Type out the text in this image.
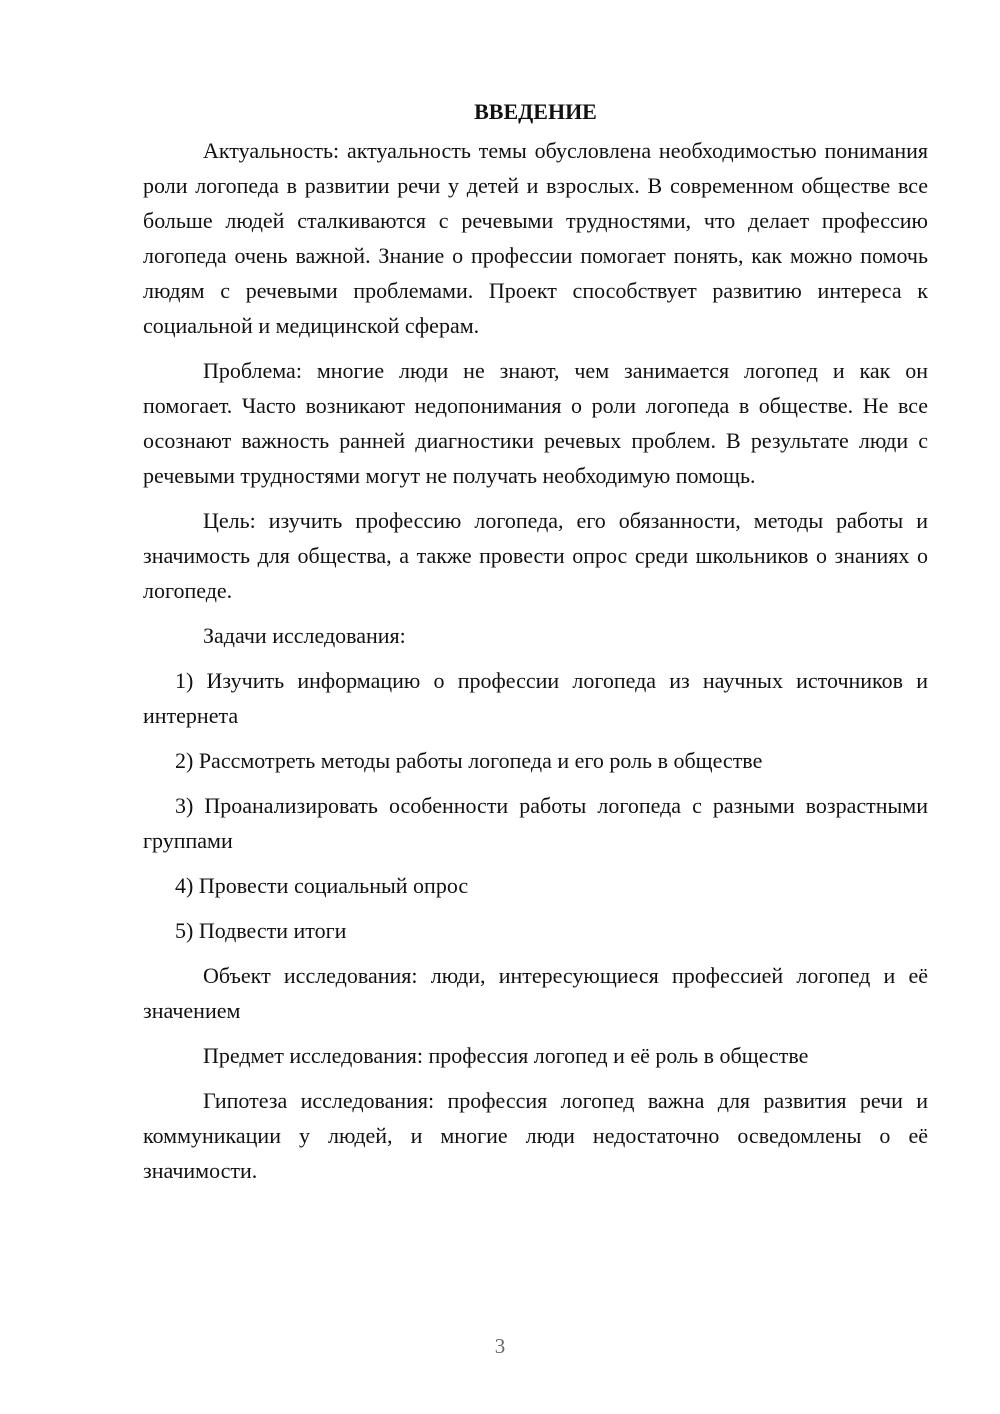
ВВЕДЕНИЕ

Актуальность: актуальность темы обусловлена необходимостью понимания роли логопеда в развитии речи у детей и взрослых. В современном обществе все больше людей сталкиваются с речевыми трудностями, что делает профессию логопеда очень важной. Знание о профессии помогает понять, как можно помочь людям с речевыми проблемами. Проект способствует развитию интереса к социальной и медицинской сферам.

Проблема: многие люди не знают, чем занимается логопед и как он помогает. Часто возникают недопонимания о роли логопеда в обществе. Не все осознают важность ранней диагностики речевых проблем. В результате люди с речевыми трудностями могут не получать необходимую помощь.

Цель: изучить профессию логопеда, его обязанности, методы работы и значимость для общества, а также провести опрос среди школьников о знаниях о логопеде.

Задачи исследования:

1) Изучить информацию о профессии логопеда из научных источников и интернета

2) Рассмотреть методы работы логопеда и его роль в обществе

3) Проанализировать особенности работы логопеда с разными возрастными группами

4) Провести социальный опрос

5) Подвести итоги

Объект исследования: люди, интересующиеся профессией логопед и её значением

Предмет исследования: профессия логопед и её роль в обществе

Гипотеза исследования: профессия логопед важна для развития речи и коммуникации у людей, и многие люди недостаточно осведомлены о её значимости.

3
